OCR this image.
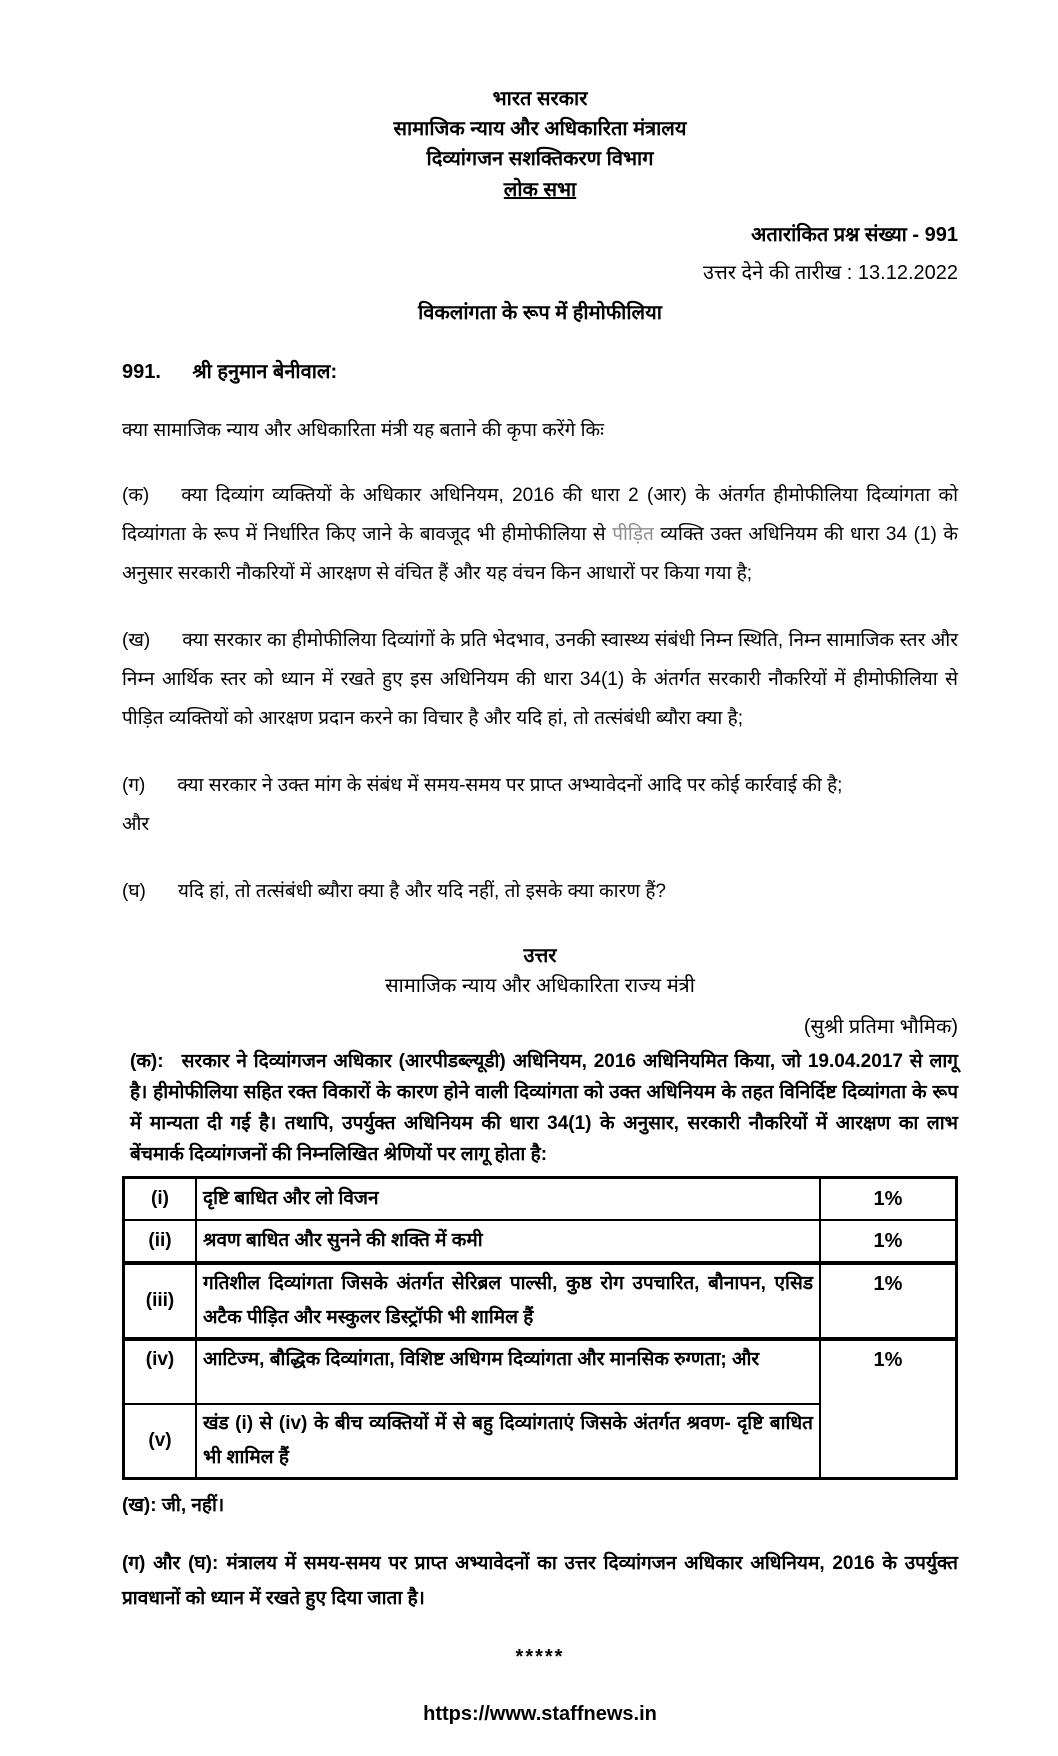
भारत सरकार
सामाजिक न्याय और अधिकारिता मंत्रालय
दिव्यांगजन सशक्तिकरण विभाग
लोक सभा
अतारांकित प्रश्न संख्या - 991
उत्तर देने की तारीख : 13.12.2022
विकलांगता के रूप में हीमोफीलिया

991. श्री हनुमान बेनीवाल:

क्या सामाजिक न्याय और अधिकारिता मंत्री यह बताने की कृपा करेंगे किः

(क) क्या दिव्यांग व्यक्तियों के अधिकार अधिनियम, 2016 की धारा 2 (आर) के अंतर्गत हीमोफीलिया दिव्यांगता को दिव्यांगता के रूप में निर्धारित किए जाने के बावजूद भी हीमोफीलिया से पीड़ित व्यक्ति उक्त अधिनियम की धारा 34 (1) के अनुसार सरकारी नौकरियों में आरक्षण से वंचित हैं और यह वंचन किन आधारों पर किया गया है;

(ख) क्या सरकार का हीमोफीलिया दिव्यांगों के प्रति भेदभाव, उनकी स्वास्थ्य संबंधी निम्न स्थिति, निम्न सामाजिक स्तर और निम्न आर्थिक स्तर को ध्यान में रखते हुए इस अधिनियम की धारा 34(1) के अंतर्गत सरकारी नौकरियों में हीमोफीलिया से पीड़ित व्यक्तियों को आरक्षण प्रदान करने का विचार है और यदि हां, तो तत्संबंधी ब्यौरा क्या है;

(ग) क्या सरकार ने उक्त मांग के संबंध में समय-समय पर प्राप्त अभ्यावेदनों आदि पर कोई कार्रवाई की है;

और

(घ) यदि हां, तो तत्संबंधी ब्यौरा क्या है और यदि नहीं, तो इसके क्या कारण हैं?

उत्तर
सामाजिक न्याय और अधिकारिता राज्य मंत्री
(सुश्री प्रतिमा भौमिक)

(क): सरकार ने दिव्यांगजन अधिकार (आरपीडब्ल्यूडी) अधिनियम, 2016 अधिनियमित किया, जो 19.04.2017 से लागू है। हीमोफीलिया सहित रक्त विकारों के कारण होने वाली दिव्यांगता को उक्त अधिनियम के तहत विनिर्दिष्ट दिव्यांगता के रूप में मान्यता दी गई है। तथापि, उपर्युक्त अधिनियम की धारा 34(1) के अनुसार, सरकारी नौकरियों में आरक्षण का लाभ बेंचमार्क दिव्यांगजनों की निम्नलिखित श्रेणियों पर लागू होता है:

(i)	दृष्टि बाधित और लो विजन	1%
(ii)	श्रवण बाधित और सुनने की शक्ति में कमी	1%
(iii)	गतिशील दिव्यांगता जिसके अंतर्गत सेरिब्रल पाल्सी, कुष्ठ रोग उपचारित, बौनापन, एसिड अटैक पीड़ित और मस्कुलर डिस्ट्रॉफी भी शामिल हैं	1%
(iv)	आटिज्म, बौद्धिक दिव्यांगता, विशिष्ट अधिगम दिव्यांगता और मानसिक रुग्णता; और	1%
(v)	खंड (i) से (iv) के बीच व्यक्तियों में से बहु दिव्यांगताएं जिसके अंतर्गत श्रवण- दृष्टि बाधित भी शामिल हैं	
(ख): जी, नहीं।

(ग) और (घ): मंत्रालय में समय-समय पर प्राप्त अभ्यावेदनों का उत्तर दिव्यांगजन अधिकार अधिनियम, 2016 के उपर्युक्त प्रावधानों को ध्यान में रखते हुए दिया जाता है।

*****
https://www.staffnews.in
